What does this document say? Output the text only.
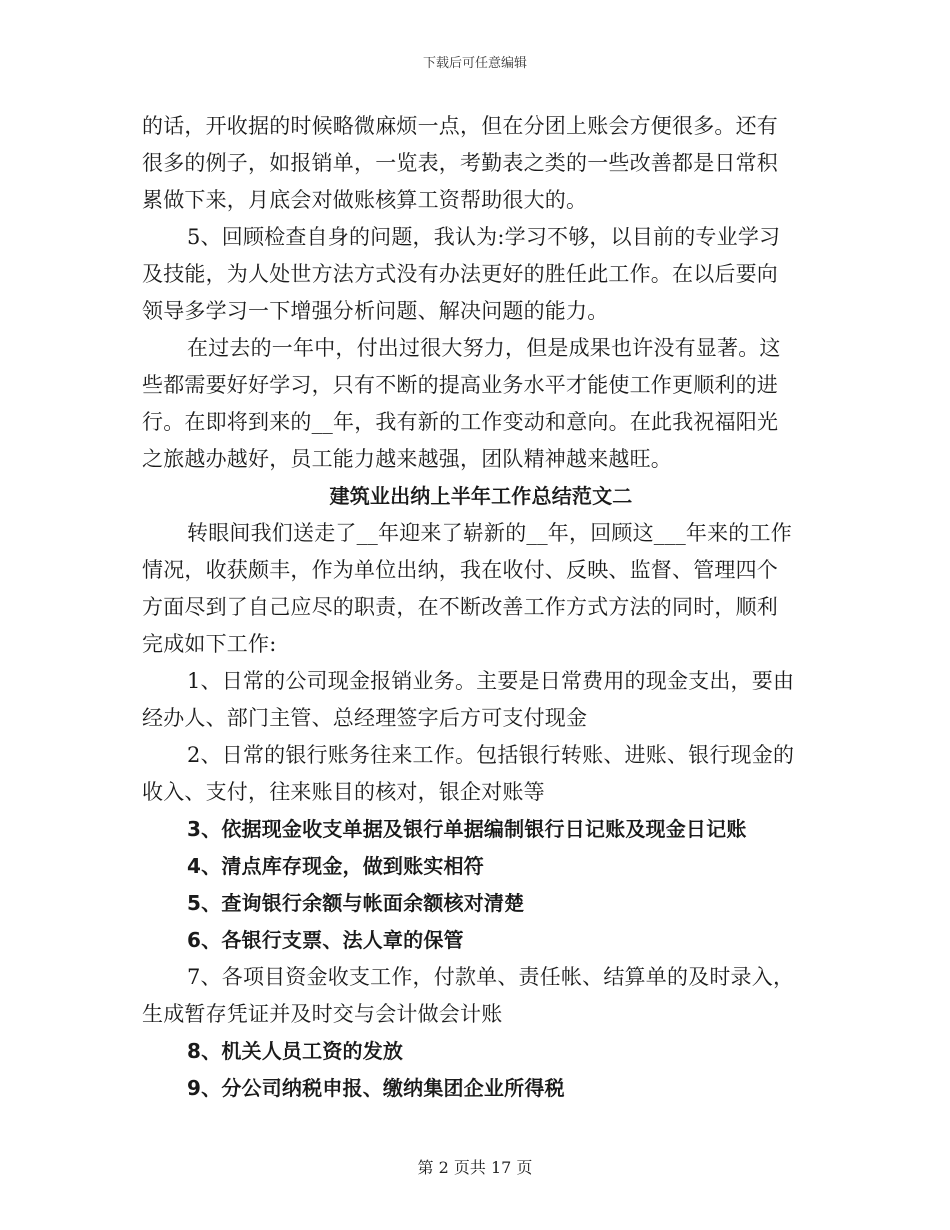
下载后可任意编辑
的话，开收据的时候略微麻烦一点，但在分团上账会方便很多。还有
很多的例子，如报销单，一览表，考勤表之类的一些改善都是日常积
累做下来，月底会对做账核算工资帮助很大的。
5、回顾检查自身的问题，我认为:学习不够，以目前的专业学习
及技能，为人处世方法方式没有办法更好的胜任此工作。在以后要向
领导多学习一下增强分析问题、解决问题的能力。
在过去的一年中，付出过很大努力，但是成果也许没有显著。这
些都需要好好学习，只有不断的提高业务水平才能使工作更顺利的进
行。在即将到来的__年，我有新的工作变动和意向。在此我祝福阳光
之旅越办越好，员工能力越来越强，团队精神越来越旺。
建筑业出纳上半年工作总结范文二
转眼间我们送走了__年迎来了崭新的__年，回顾这___年来的工作
情况，收获颇丰，作为单位出纳，我在收付、反映、监督、管理四个
方面尽到了自己应尽的职责，在不断改善工作方式方法的同时，顺利
完成如下工作:
1、日常的公司现金报销业务。主要是日常费用的现金支出，要由
经办人、部门主管、总经理签字后方可支付现金
2、日常的银行账务往来工作。包括银行转账、进账、银行现金的
收入、支付，往来账目的核对，银企对账等
3、依据现金收支单据及银行单据编制银行日记账及现金日记账
4、清点库存现金，做到账实相符
5、查询银行余额与帐面余额核对清楚
6、各银行支票、法人章的保管
7、各项目资金收支工作，付款单、责任帐、结算单的及时录入，
生成暂存凭证并及时交与会计做会计账
8、机关人员工资的发放
9、分公司纳税申报、缴纳集团企业所得税
第 2 页共 17 页
